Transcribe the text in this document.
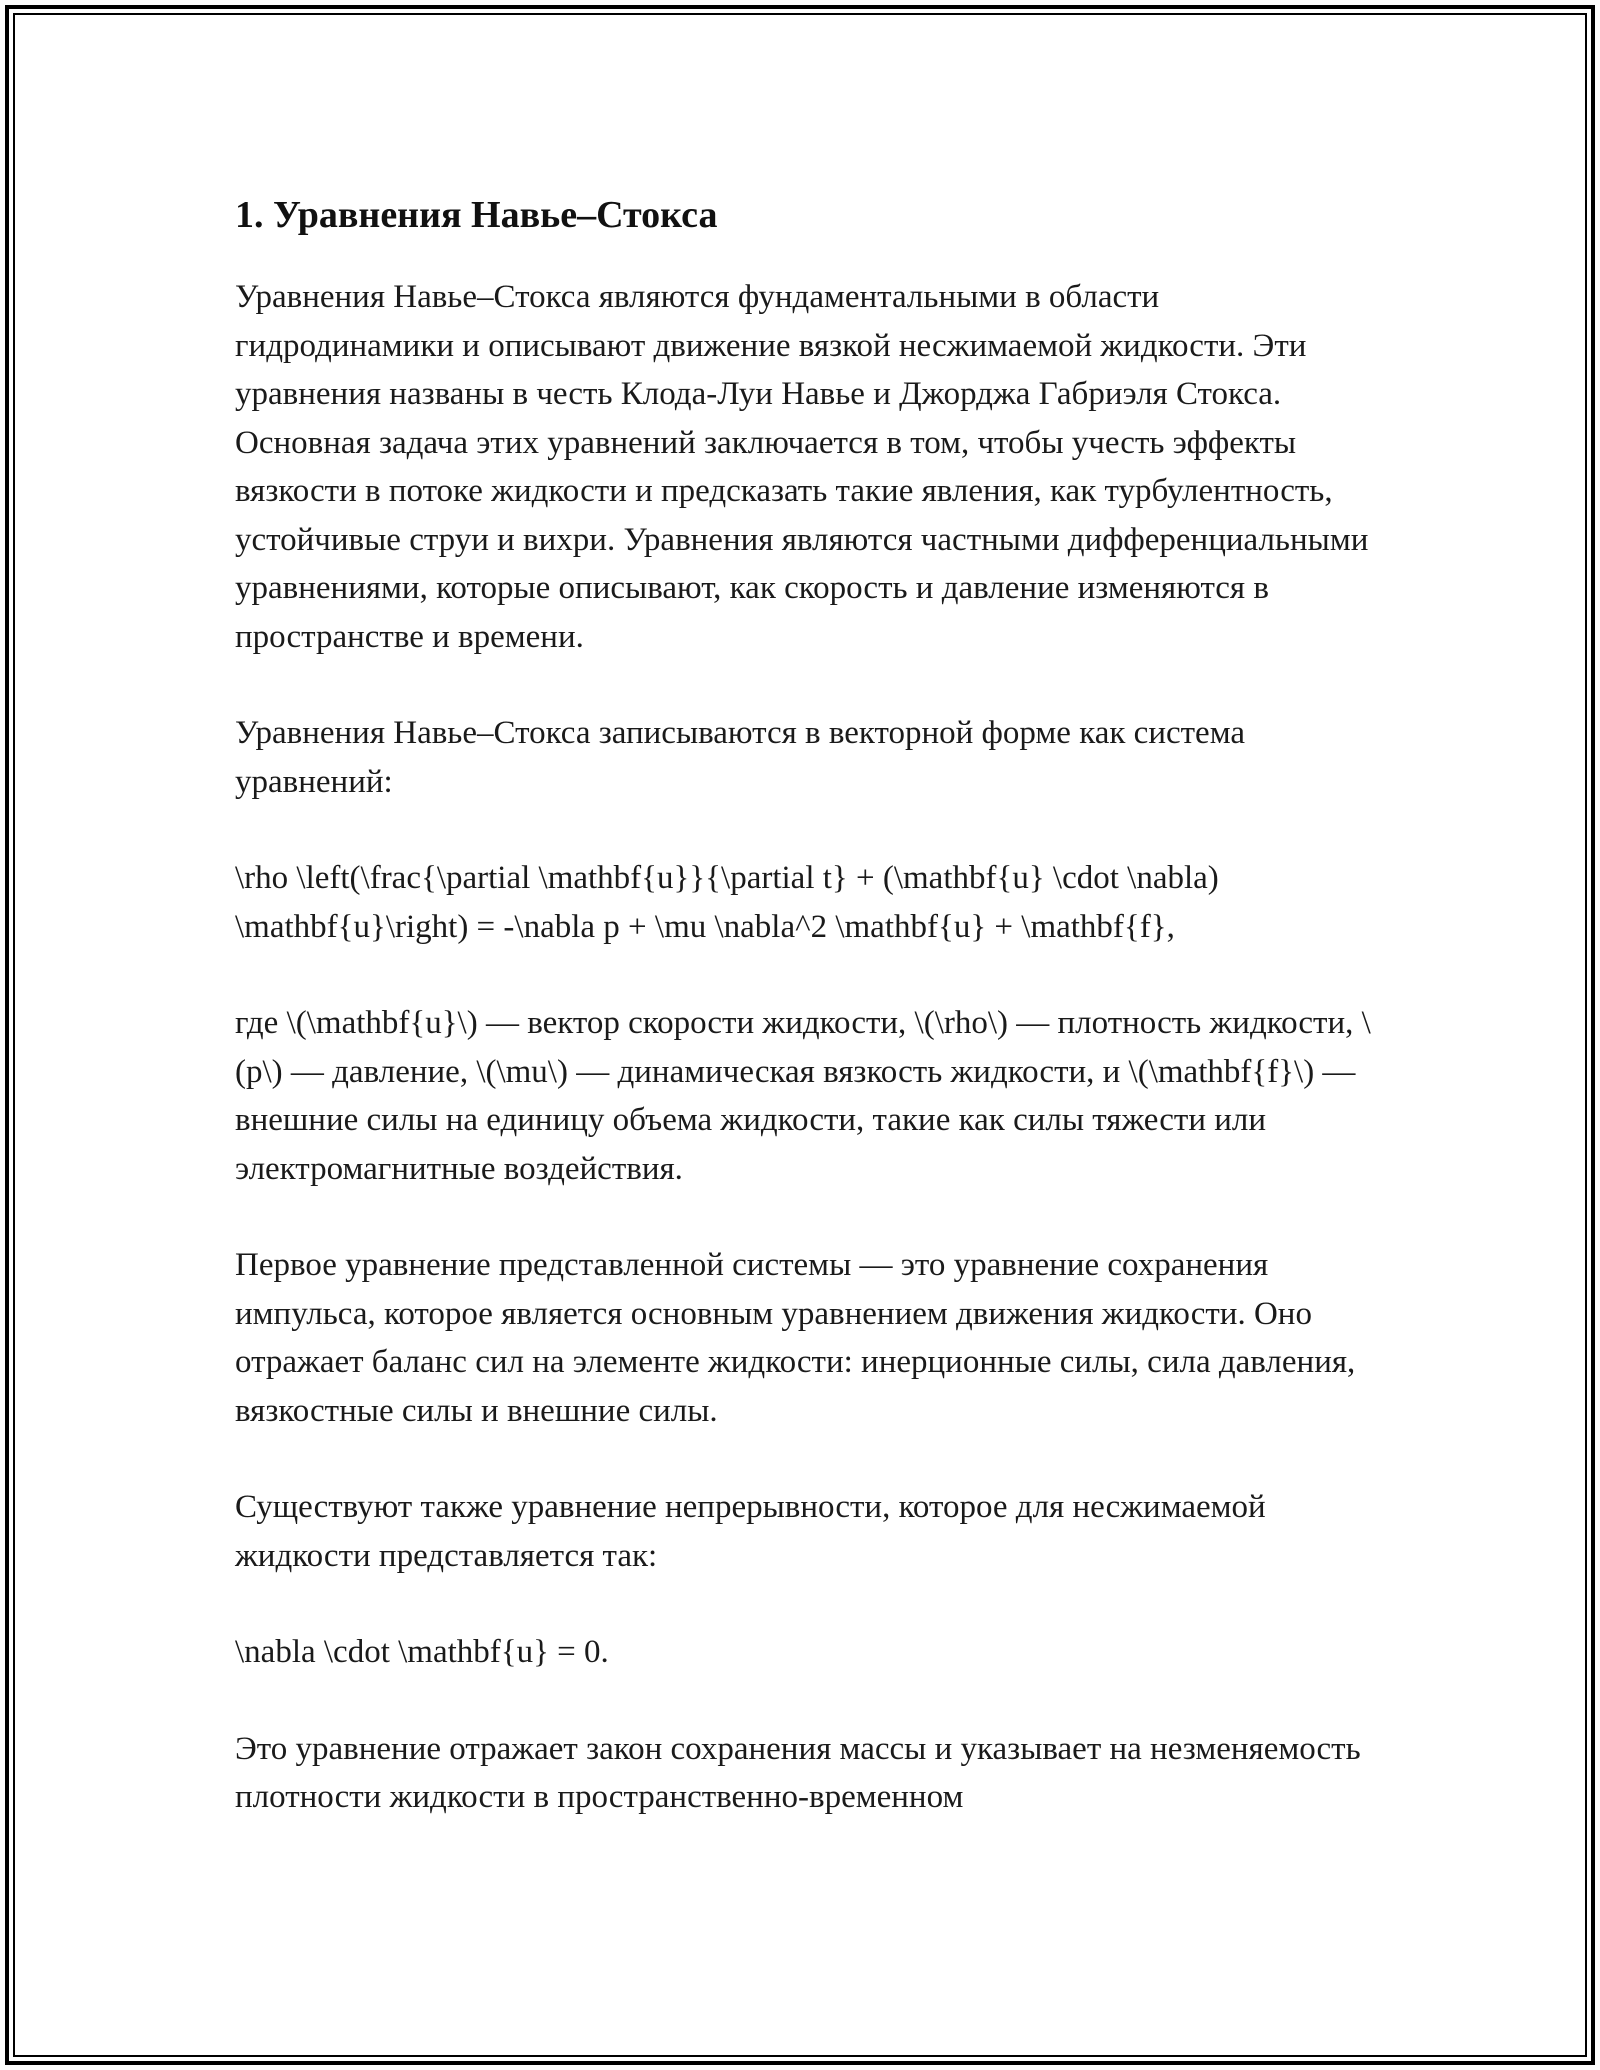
1. Уравнения Навье–Стокса

Уравнения Навье–Стокса являются фундаментальными в области гидродинамики и описывают движение вязкой несжимаемой жидкости. Эти уравнения названы в честь Клода-Луи Навье и Джорджа Габриэля Стокса. Основная задача этих уравнений заключается в том, чтобы учесть эффекты вязкости в потоке жидкости и предсказать такие явления, как турбулентность, устойчивые струи и вихри. Уравнения являются частными дифференциальными уравнениями, которые описывают, как скорость и давление изменяются в пространстве и времени.

Уравнения Навье–Стокса записываются в векторной форме как система уравнений:

\rho \left(\frac{\partial \mathbf{u}}{\partial t} + (\mathbf{u} \cdot \nabla) \mathbf{u}\right) = -\nabla p + \mu \nabla^2 \mathbf{u} + \mathbf{f},

где \(\mathbf{u}\) — вектор скорости жидкости, \(\rho\) — плотность жидкости, \(p\) — давление, \(\mu\) — динамическая вязкость жидкости, и \(\mathbf{f}\) — внешние силы на единицу объема жидкости, такие как силы тяжести или электромагнитные воздействия.

Первое уравнение представленной системы — это уравнение сохранения импульса, которое является основным уравнением движения жидкости. Оно отражает баланс сил на элементе жидкости: инерционные силы, сила давления, вязкостные силы и внешние силы.

Существуют также уравнение непрерывности, которое для несжимаемой жидкости представляется так:

\nabla \cdot \mathbf{u} = 0.

Это уравнение отражает закон сохранения массы и указывает на незменяемость плотности жидкости в пространственно-временном
